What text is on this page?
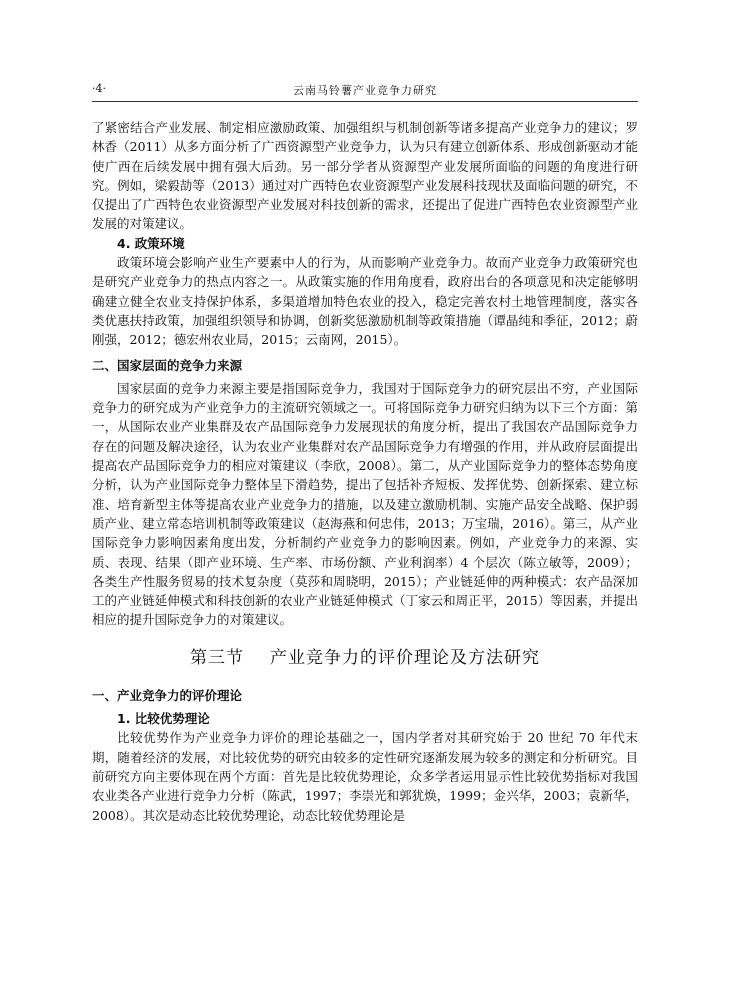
·4·	云南马铃薯产业竞争力研究

了紧密结合产业发展、制定相应激励政策、加强组织与机制创新等诸多提高产业竞争力的建议；罗林香（2011）从多方面分析了广西资源型产业竞争力，认为只有建立创新体系、形成创新驱动才能使广西在后续发展中拥有强大后劲。另一部分学者从资源型产业发展所面临的问题的角度进行研究。例如，梁毅劼等（2013）通过对广西特色农业资源型产业发展科技现状及面临问题的研究，不仅提出了广西特色农业资源型产业发展对科技创新的需求，还提出了促进广西特色农业资源型产业发展的对策建议。

4. 政策环境

政策环境会影响产业生产要素中人的行为，从而影响产业竞争力。故而产业竞争力政策研究也是研究产业竞争力的热点内容之一。从政策实施的作用角度看，政府出台的各项意见和决定能够明确建立健全农业支持保护体系，多渠道增加特色农业的投入，稳定完善农村土地管理制度，落实各类优惠扶持政策，加强组织领导和协调，创新奖惩激励机制等政策措施（谭晶纯和季征，2012；蔚刚强，2012；德宏州农业局，2015；云南网，2015）。

二、国家层面的竞争力来源

国家层面的竞争力来源主要是指国际竞争力，我国对于国际竞争力的研究层出不穷，产业国际竞争力的研究成为产业竞争力的主流研究领域之一。可将国际竞争力研究归纳为以下三个方面：第一，从国际农业产业集群及农产品国际竞争力发展现状的角度分析，提出了我国农产品国际竞争力存在的问题及解决途径，认为农业产业集群对农产品国际竞争力有增强的作用，并从政府层面提出提高农产品国际竞争力的相应对策建议（李欣，2008）。第二，从产业国际竞争力的整体态势角度分析，认为产业国际竞争力整体呈下滑趋势，提出了包括补齐短板、发挥优势、创新探索、建立标准、培育新型主体等提高农业产业竞争力的措施，以及建立激励机制、实施产品安全战略、保护弱质产业、建立常态培训机制等政策建议（赵海燕和何忠伟，2013；万宝瑞，2016）。第三，从产业国际竞争力影响因素角度出发，分析制约产业竞争力的影响因素。例如，产业竞争力的来源、实质、表现、结果（即产业环境、生产率、市场份额、产业利润率）4 个层次（陈立敏等，2009）；各类生产性服务贸易的技术复杂度（莫莎和周晓明，2015）；产业链延伸的两种模式：农产品深加工的产业链延伸模式和科技创新的农业产业链延伸模式（丁家云和周正平，2015）等因素，并提出相应的提升国际竞争力的对策建议。

第三节 产业竞争力的评价理论及方法研究

一、产业竞争力的评价理论

1. 比较优势理论

比较优势作为产业竞争力评价的理论基础之一，国内学者对其研究始于 20 世纪 70 年代末期，随着经济的发展，对比较优势的研究由较多的定性研究逐渐发展为较多的测定和分析研究。目前研究方向主要体现在两个方面：首先是比较优势理论，众多学者运用显示性比较优势指标对我国农业类各产业进行竞争力分析（陈武，1997；李崇光和郭犹焕，1999；金兴华，2003；袁新华，2008）。其次是动态比较优势理论，动态比较优势理论是
